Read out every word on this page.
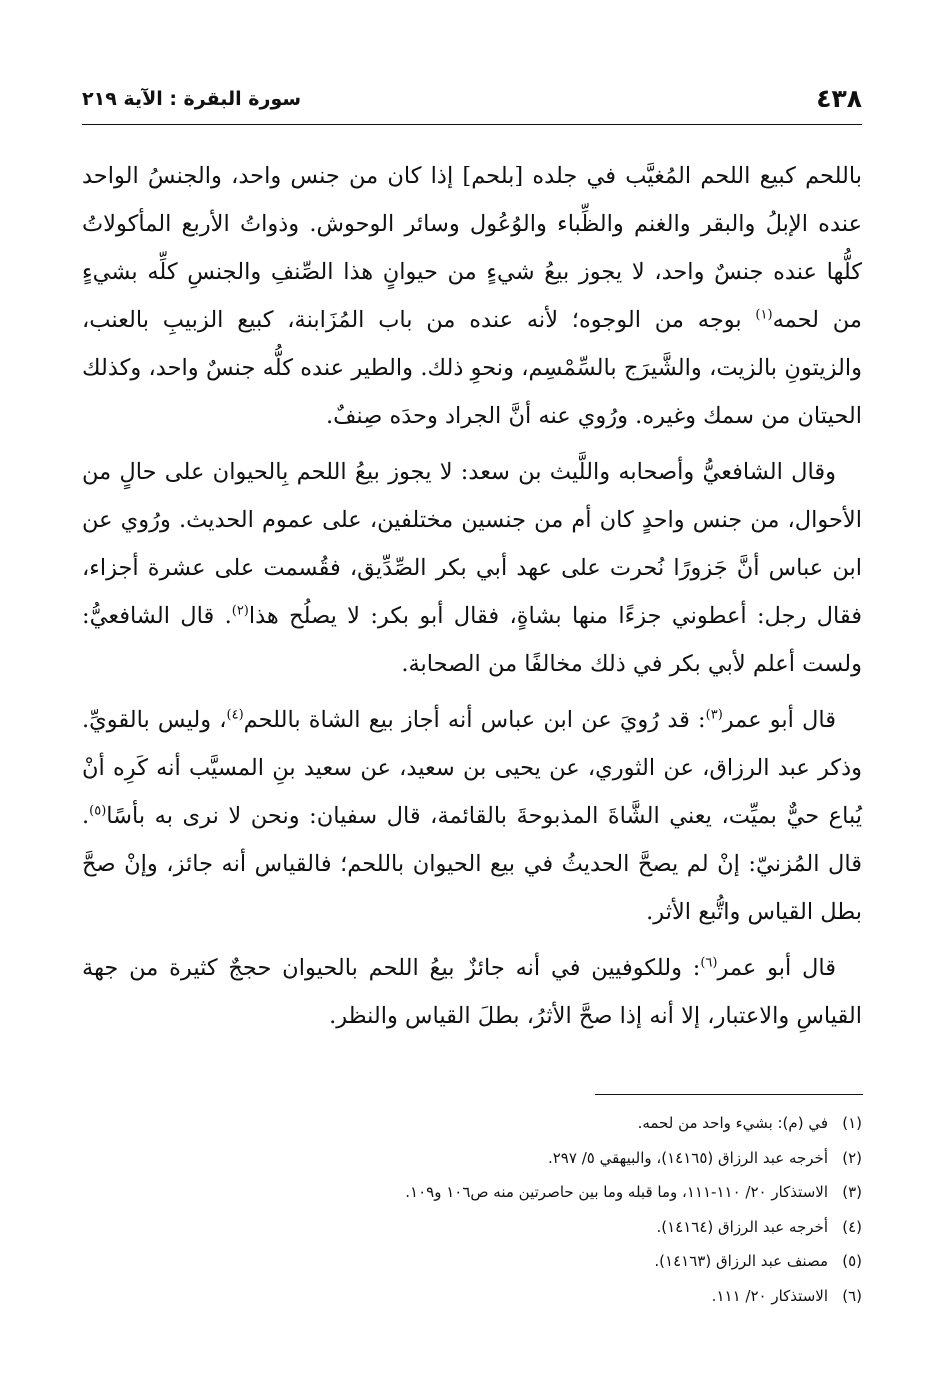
٤٣٨
سورة البقرة : الآية ٢١٩

باللحم كبيع اللحم المُغيَّب في جلده [بلحم] إذا كان من جنس واحد، والجنسُ الواحد عنده الإبلُ والبقر والغنم والظِّباء والوُعُول وسائر الوحوش. وذواتُ الأربع المأكولاتُ كلُّها عنده جنسٌ واحد، لا يجوز بيعُ شيءٍ من حيوانٍ هذا الصِّنفِ والجنسِ كلِّه بشيءٍ من لحمه$^{(١)}$ بوجه من الوجوه؛ لأنه عنده من باب المُزَابنة، كبيع الزبيبِ بالعنب، والزيتونِ بالزيت، والشَّيرَج بالسِّمْسِم، ونحوِ ذلك. والطير عنده كلُّه جنسٌ واحد، وكذلك الحيتان من سمك وغيره. ورُوي عنه أنَّ الجراد وحدَه صِنفٌ.

وقال الشافعيُّ وأصحابه واللَّيث بن سعد: لا يجوز بيعُ اللحم بِالحيوان على حالٍ من الأحوال، من جنس واحدٍ كان أم من جنسين مختلفين، على عموم الحديث. ورُوي عن ابن عباس أنَّ جَزورًا نُحرت على عهد أبي بكر الصِّدِّيق، فقُسمت على عشرة أجزاء، فقال رجل: أعطوني جزءًا منها بشاةٍ، فقال أبو بكر: لا يصلُح هذا$^{(٢)}$. قال الشافعيُّ: ولست أعلم لأبي بكر في ذلك مخالفًا من الصحابة.

قال أبو عمر$^{(٣)}$: قد رُويَ عن ابن عباس أنه أجاز بيع الشاة باللحم$^{(٤)}$، وليس بالقويِّ. وذكر عبد الرزاق، عن الثوري، عن يحيى بن سعيد، عن سعيد بنِ المسيَّب أنه كَرِه أنْ يُباع حيٌّ بميِّت، يعني الشَّاةَ المذبوحةَ بالقائمة، قال سفيان: ونحن لا نرى به بأسًا$^{(٥)}$. قال المُزنيّ: إنْ لم يصحَّ الحديثُ في بيع الحيوان باللحم؛ فالقياس أنه جائز، وإنْ صحَّ بطل القياس واتُّبع الأثر.

قال أبو عمر$^{(٦)}$: وللكوفيين في أنه جائزٌ بيعُ اللحم بالحيوان حججٌ كثيرة من جهة القياسِ والاعتبار، إلا أنه إذا صحَّ الأثرُ، بطلَ القياس والنظر.

(١)في (م): بشيء واحد من لحمه.
(٢)أخرجه عبد الرزاق (١٤١٦٥)، والبيهقي ٥/ ٢٩٧.
(٣)الاستذكار ٢٠/ ١١٠-١١١، وما قبله وما بين حاصرتين منه ص١٠٦ و١٠٩.
(٤)أخرجه عبد الرزاق (١٤١٦٤).
(٥)مصنف عبد الرزاق (١٤١٦٣).
(٦)الاستذكار ٢٠/ ١١١.
